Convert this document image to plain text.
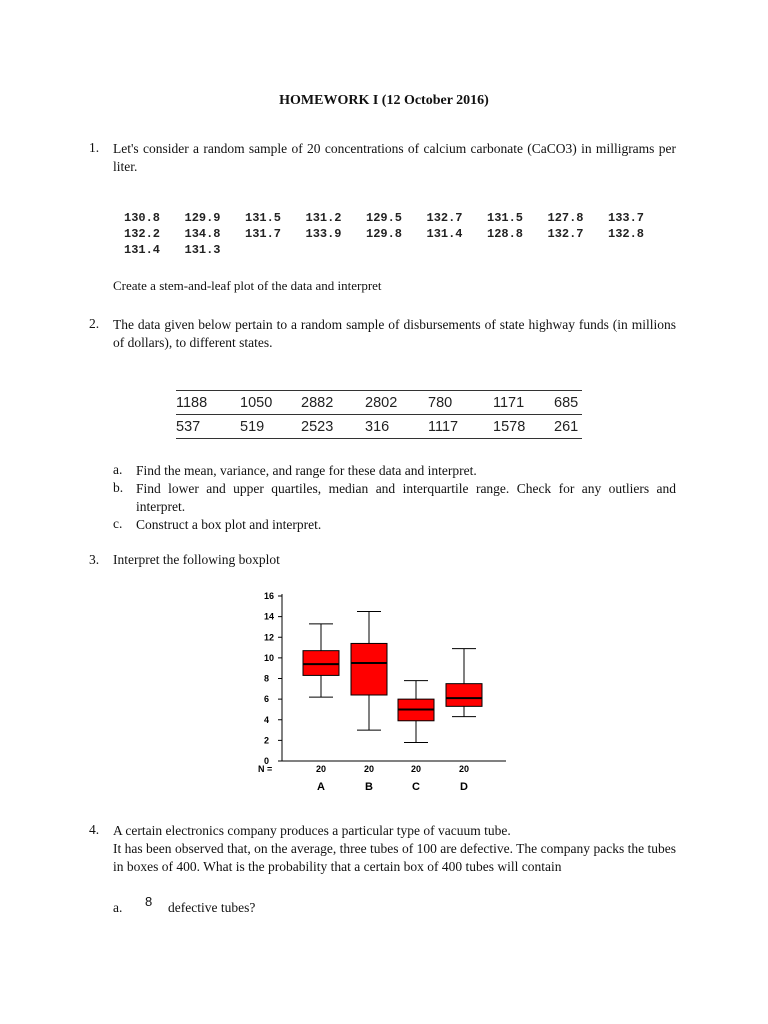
HOMEWORK I (12 October 2016)
1.	Let's consider a random sample of 20 concentrations of calcium carbonate (CaCO3) in milligrams per liter.
130.8 129.9 131.5 131.2 129.5 132.7 131.5 127.8 133.7
132.2 134.8 131.7 133.9 129.8 131.4 128.8 132.7 132.8
131.4 131.3
Create a stem-and-leaf plot of the data and interpret
2.	The data given below pertain to a random sample of disbursements of state highway funds (in millions of dollars), to different states.
1188	1050	2882	2802	780	1171	685
537	519	2523	316	1117	1578	261
a.	Find the mean, variance, and range for these data and interpret.
b. Find lower and upper quartiles, median and interquartile range. Check for any outliers and interpret.
c.	Construct a box plot and interpret.
3.	Interpret the following boxplot
0
2
4
6
8
10
12
14
16
20
A
20
B
20
C
20
D
N =
4.	A certain electronics company produces a particular type of vacuum tube.
It has been observed that, on the average, three tubes of 100 are defective. The company packs the tubes in boxes of 400. What is the probability that a certain box of 400 tubes will contain
a. 8 defective tubes?
